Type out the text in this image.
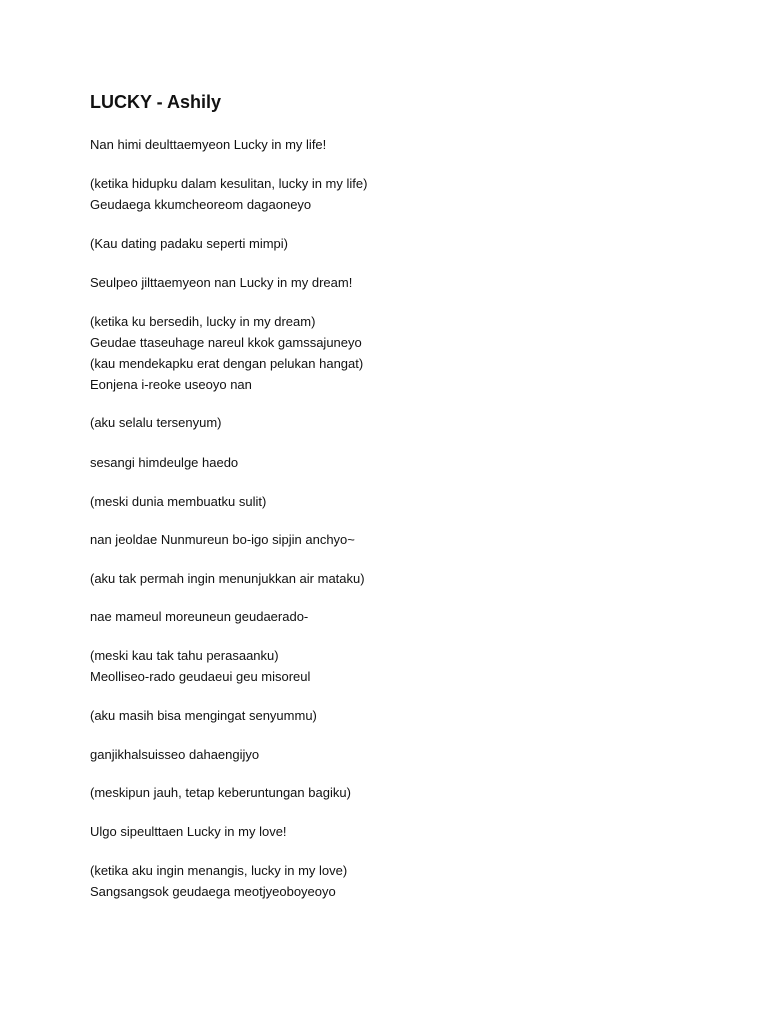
LUCKY - Ashily

Nan himi deulttaemyeon Lucky in my life!

(ketika hidupku dalam kesulitan, lucky in my life)
Geudaega kkumcheoreom dagaoneyo

(Kau dating padaku seperti mimpi)

Seulpeo jilttaemyeon nan Lucky in my dream!

(ketika ku bersedih, lucky in my dream)
Geudae ttaseuhage nareul kkok gamssajuneyo
(kau mendekapku erat dengan pelukan hangat)
Eonjena i-reoke useoyo nan

(aku selalu tersenyum)

sesangi himdeulge haedo

(meski dunia membuatku sulit)

nan jeoldae Nunmureun bo-igo sipjin anchyo~

(aku tak permah ingin menunjukkan air mataku)

nae mameul moreuneun geudaerado-

(meski kau tak tahu perasaanku)
Meolliseo-rado geudaeui geu misoreul

(aku masih bisa mengingat senyummu)

ganjikhalsuisseo dahaengijyo

(meskipun jauh, tetap keberuntungan bagiku)

Ulgo sipeulttaen Lucky in my love!

(ketika aku ingin menangis, lucky in my love)
Sangsangsok geudaega meotjyeoboyeoyo
